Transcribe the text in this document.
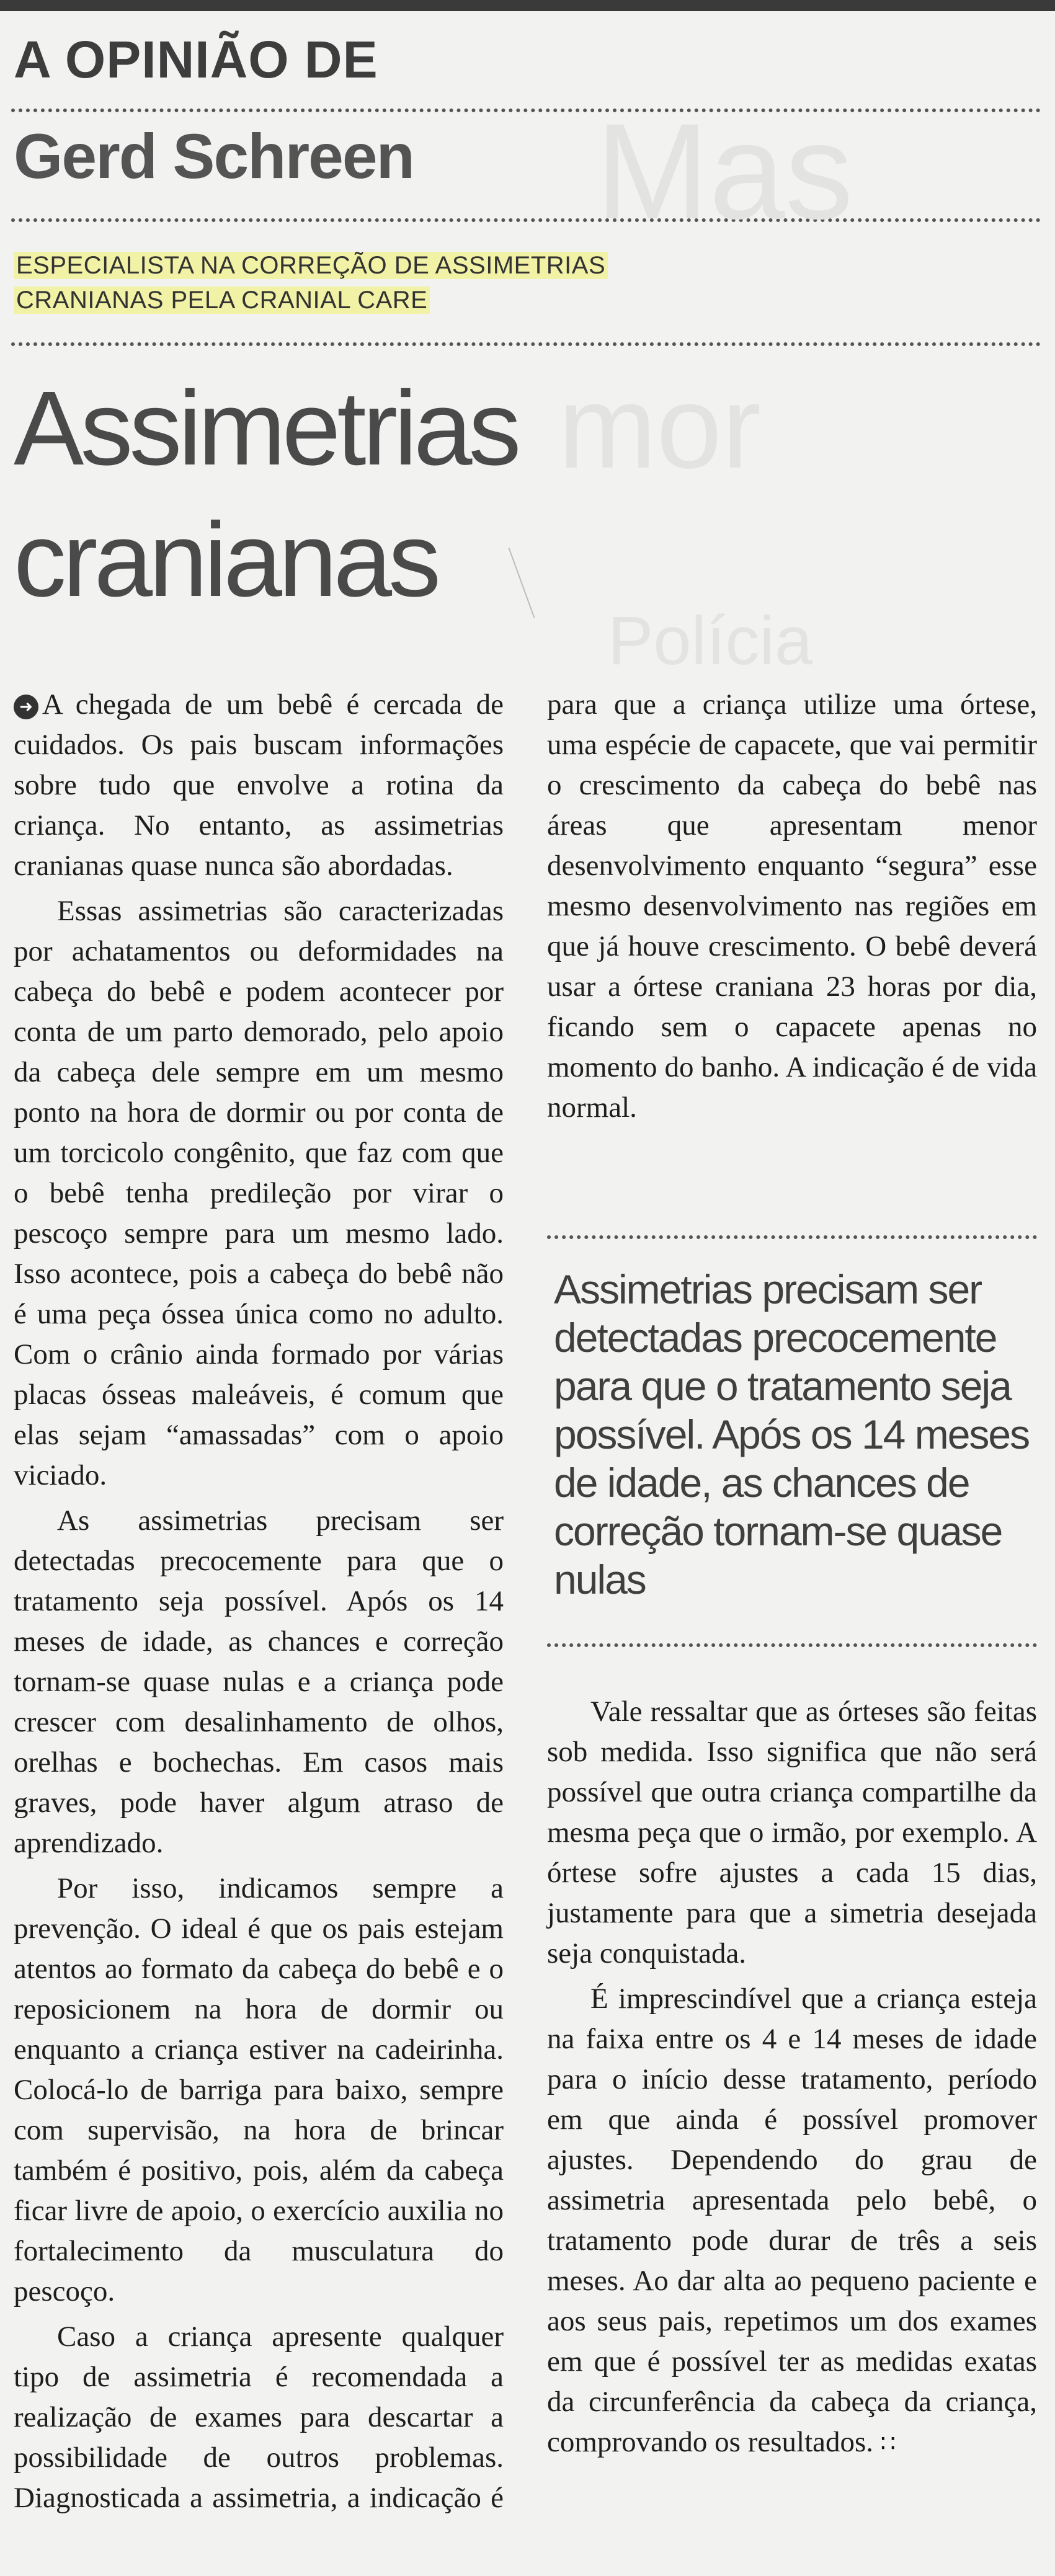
A OPINIÃO DE
Gerd Schreen Mas
mor
Polícia
ESPECIALISTA NA CORREÇÃO DE ASSIMETRIAS
CRANIANAS PELA CRANIAL CARE
Assimetrias
cranianas

➜ A chegada de um bebê é cercada de cuidados. Os pais buscam informações sobre tudo que envolve a rotina da criança. No entanto, as assimetrias cranianas quase nunca são abordadas.

Essas assimetrias são caracterizadas por achatamentos ou deformidades na cabeça do bebê e podem acontecer por conta de um parto demorado, pelo apoio da cabeça dele sempre em um mesmo ponto na hora de dormir ou por conta de um torcicolo congênito, que faz com que o bebê tenha predileção por virar o pescoço sempre para um mesmo lado. Isso acontece, pois a cabeça do bebê não é uma peça óssea única como no adulto. Com o crânio ainda formado por várias placas ósseas maleáveis, é comum que elas sejam “amassadas” com o apoio viciado.

As assimetrias precisam ser detectadas precocemente para que o tratamento seja possível. Após os 14 meses de idade, as chances e correção tornam-se quase nulas e a criança pode crescer com desalinhamento de olhos, orelhas e bochechas. Em casos mais graves, pode haver algum atraso de aprendizado.

Por isso, indicamos sempre a prevenção. O ideal é que os pais estejam atentos ao formato da cabeça do bebê e o reposicionem na hora de dormir ou enquanto a criança estiver na cadeirinha. Colocá-lo de barriga para baixo, sempre com supervisão, na hora de brincar também é positivo, pois, além da cabeça ficar livre de apoio, o exercício auxilia no fortalecimento da musculatura do pescoço.

Caso a criança apresente qualquer tipo de assimetria é recomendada a realização de exames para descartar a possibilidade de outros problemas. Diagnosticada a assimetria, a indicação é

Assimetrias precisam ser detectadas precocemente para que o tratamento seja possível. Após os 14 meses de idade, as chances de correção tornam-se quase nulas

Vale ressaltar que as órteses são feitas sob medida. Isso significa que não será possível que outra criança compartilhe da mesma peça que o irmão, por exemplo. A órtese sofre ajustes a cada 15 dias, justamente para que a simetria desejada seja conquistada.

É imprescindível que a criança esteja na faixa entre os 4 e 14 meses de idade para o início desse tratamento, período em que ainda é possível promover ajustes. Dependendo do grau de assimetria apresentada pelo bebê, o tratamento pode durar de três a seis meses. Ao dar alta ao pequeno paciente e aos seus pais, repetimos um dos exames em que é possível ter as medidas exatas da circunferência da cabeça da criança, comprovando os resultados. ∷

para que a criança utilize uma órtese, uma espécie de capacete, que vai permitir o crescimento da cabeça do bebê nas áreas que apresentam menor desenvolvimento enquanto “segura” esse mesmo desenvolvimento nas regiões em que já houve crescimento. O bebê deverá usar a órtese craniana 23 horas por dia, ficando sem o capacete apenas no momento do banho. A indicação é de vida normal.
